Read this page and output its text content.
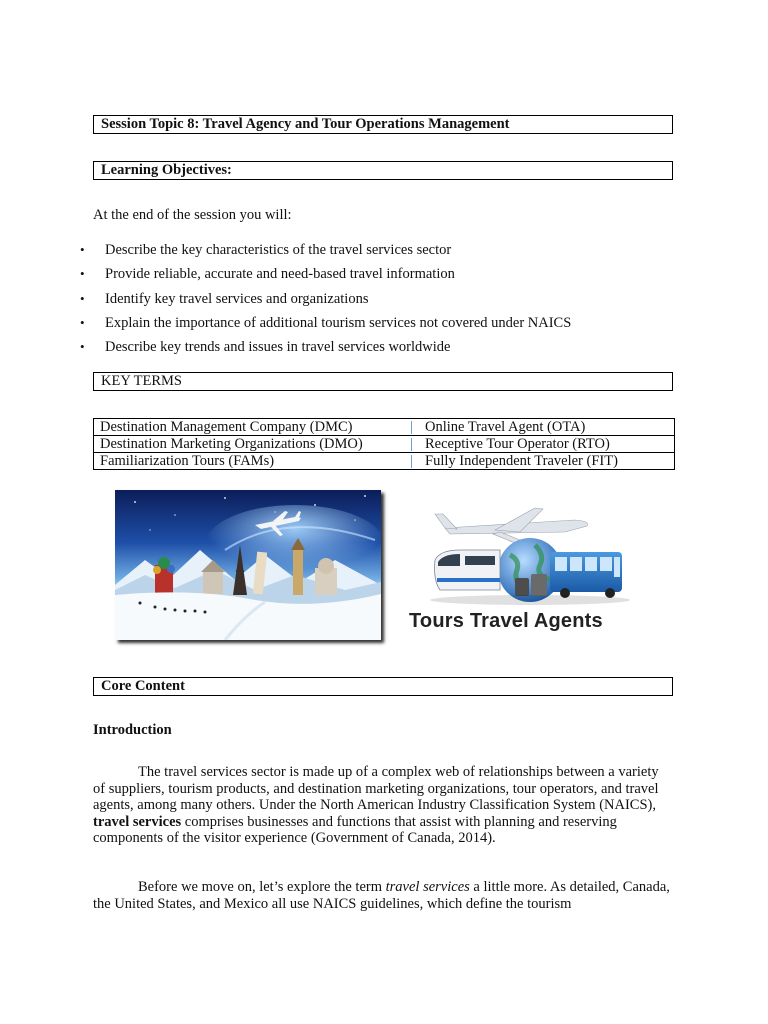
Session Topic 8: Travel Agency and Tour Operations Management
Learning Objectives:
At the end of the session you will:
• Describe the key characteristics of the travel services sector
• Provide reliable, accurate and need-based travel information
• Identify key travel services and organizations
• Explain the importance of additional tourism services not covered under NAICS
• Describe key trends and issues in travel services worldwide
KEY TERMS
Destination Management Company (DMC)	Online Travel Agent (OTA)
Destination Marketing Organizations (DMO)	Receptive Tour Operator (RTO)
Familiarization Tours (FAMs)	Fully Independent Traveler (FIT)
Tours Travel Agents
Core Content
Introduction
The travel services sector is made up of a complex web of relationships between a variety of suppliers, tourism products, and destination marketing organizations, tour operators, and travel agents, among many others. Under the North American Industry Classification System (NAICS), travel services comprises businesses and functions that assist with planning and reserving components of the visitor experience (Government of Canada, 2014).
Before we move on, let’s explore the term travel services a little more. As detailed, Canada, the United States, and Mexico all use NAICS guidelines, which define the tourism
